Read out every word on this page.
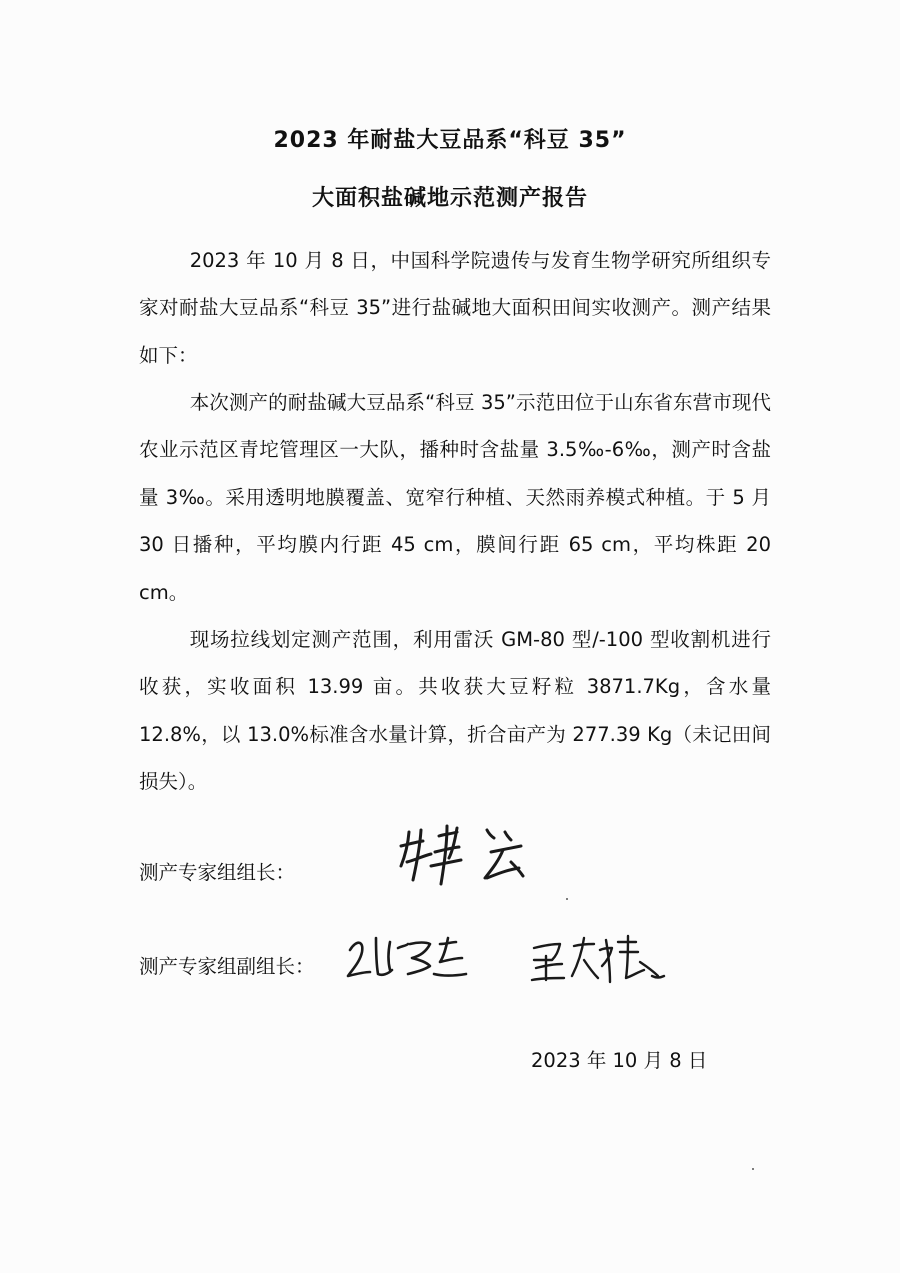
2023 年耐盐大豆品系“科豆 35”
大面积盐碱地示范测产报告

2023 年 10 月 8 日，中国科学院遗传与发育生物学研究所组织专家对耐盐大豆品系“科豆 35”进行盐碱地大面积田间实收测产。测产结果如下：

本次测产的耐盐碱大豆品系“科豆 35”示范田位于山东省东营市现代农业示范区青坨管理区一大队，播种时含盐量 3.5‰-6‰，测产时含盐量 3‰。采用透明地膜覆盖、宽窄行种植、天然雨养模式种植。于 5 月 30 日播种，平均膜内行距 45 cm，膜间行距 65 cm，平均株距 20 cm。

现场拉线划定测产范围，利用雷沃 GM-80 型/-100 型收割机进行收获，实收面积 13.99 亩。共收获大豆籽粒 3871.7Kg，含水量 12.8%，以 13.0%标准含水量计算，折合亩产为 277.39 Kg（未记田间损失）。

测产专家组组长：
测产专家组副组长：
2023 年 10 月 8 日
